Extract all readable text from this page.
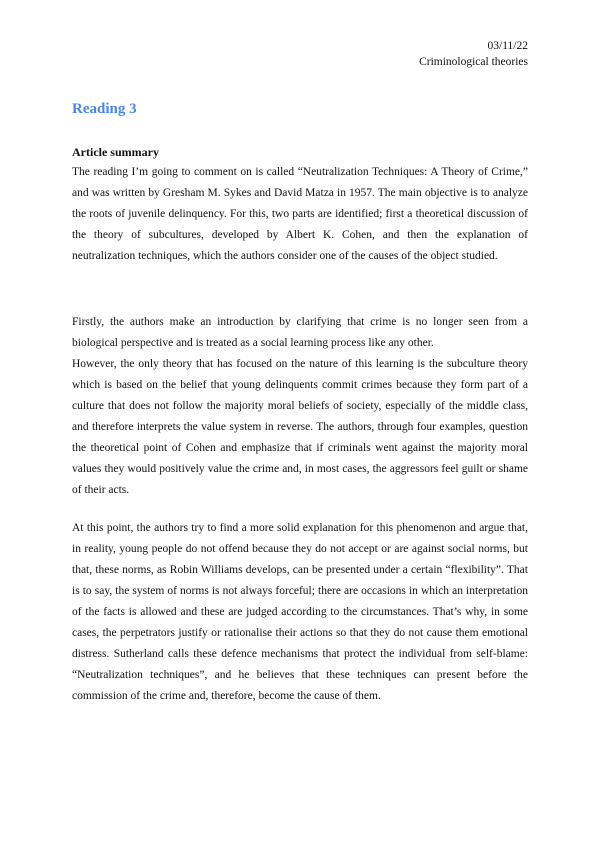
03/11/22
Criminological theories
Reading 3
Article summary

The reading I’m going to comment on is called “Neutralization Techniques: A Theory of Crime,” and was written by Gresham M. Sykes and David Matza in 1957. The main objective is to analyze the roots of juvenile delinquency. For this, two parts are identified; first a theoretical discussion of the theory of subcultures, developed by Albert K. Cohen, and then the explanation of neutralization techniques, which the authors consider one of the causes of the object studied.

Firstly, the authors make an introduction by clarifying that crime is no longer seen from a biological perspective and is treated as a social learning process like any other.

However, the only theory that has focused on the nature of this learning is the subculture theory which is based on the belief that young delinquents commit crimes because they form part of a culture that does not follow the majority moral beliefs of society, especially of the middle class, and therefore interprets the value system in reverse. The authors, through four examples, question the theoretical point of Cohen and emphasize that if criminals went against the majority moral values they would positively value the crime and, in most cases, the aggressors feel guilt or shame of their acts.

At this point, the authors try to find a more solid explanation for this phenomenon and argue that, in reality, young people do not offend because they do not accept or are against social norms, but that, these norms, as Robin Williams develops, can be presented under a certain “flexibility”. That is to say, the system of norms is not always forceful; there are occasions in which an interpretation of the facts is allowed and these are judged according to the circumstances. That’s why, in some cases, the perpetrators justify or rationalise their actions so that they do not cause them emotional distress. Sutherland calls these defence mechanisms that protect the individual from self-blame: “Neutralization techniques”, and he believes that these techniques can present before the commission of the crime and, therefore, become the cause of them.
